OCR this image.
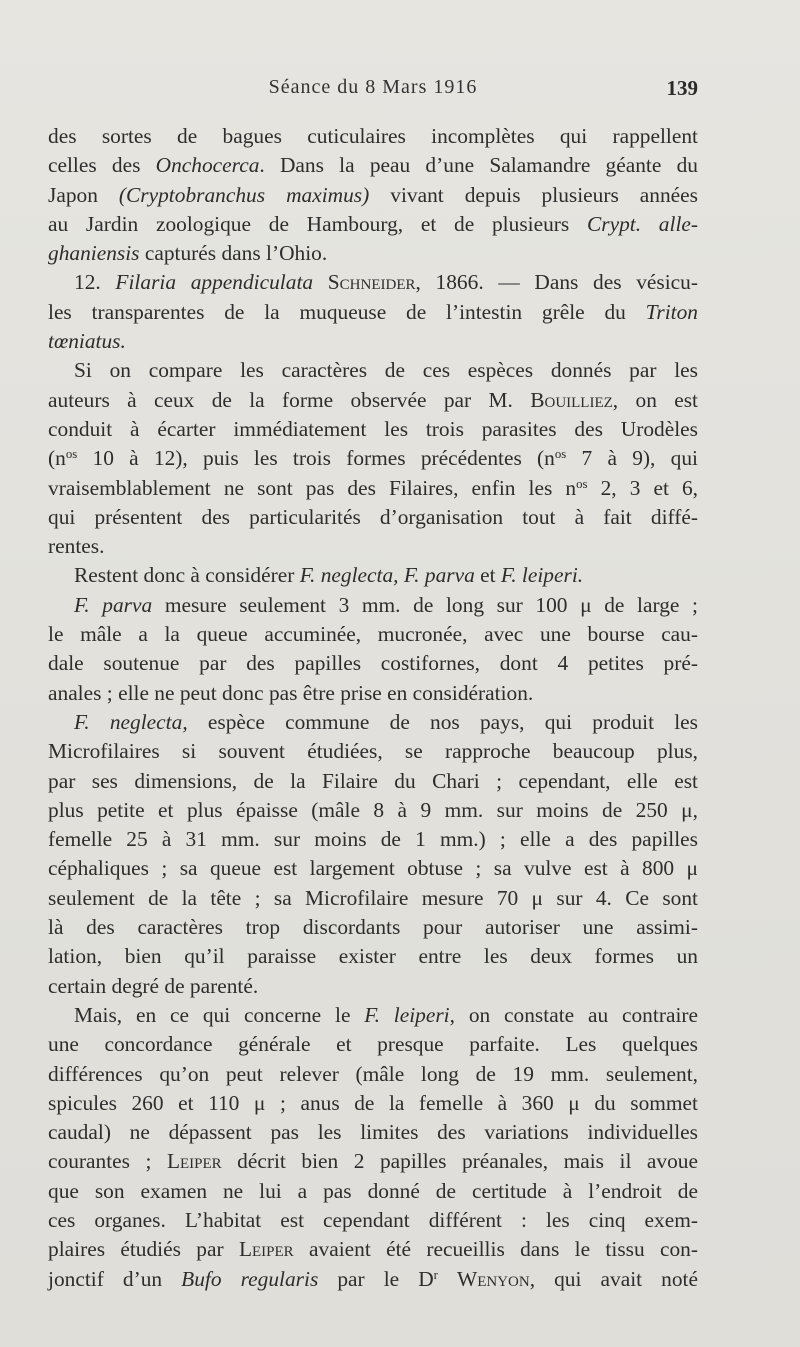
Séance du 8 Mars 1916	139
des sortes de bagues cuticulaires incomplètes qui rappellent
celles des Onchocerca. Dans la peau d’une Salamandre géante du
Japon (Cryptobranchus maximus) vivant depuis plusieurs années
au Jardin zoologique de Hambourg, et de plusieurs Crypt. alle-
ghaniensis capturés dans l’Ohio.
12. Filaria appendiculata Schneider, 1866. — Dans des vésicu-
les transparentes de la muqueuse de l’intestin grêle du Triton
tœniatus.
Si on compare les caractères de ces espèces donnés par les
auteurs à ceux de la forme observée par M. Bouilliez, on est
conduit à écarter immédiatement les trois parasites des Urodèles
($n^{os}$ 10 à 12), puis les trois formes précédentes ($n^{os}$ 7 à 9), qui
vraisemblablement ne sont pas des Filaires, enfin les $n^{os}$ 2, 3 et 6,
qui présentent des particularités d’organisation tout à fait diffé-
rentes.
Restent donc à considérer F. neglecta, F. parva et F. leiperi.
F. parva mesure seulement 3 mm. de long sur 100 μ de large ;
le mâle a la queue accuminée, mucronée, avec une bourse cau-
dale soutenue par des papilles costifornes, dont 4 petites pré-
anales ; elle ne peut donc pas être prise en considération.
F. neglecta, espèce commune de nos pays, qui produit les
Microfilaires si souvent étudiées, se rapproche beaucoup plus,
par ses dimensions, de la Filaire du Chari ; cependant, elle est
plus petite et plus épaisse (mâle 8 à 9 mm. sur moins de 250 μ,
femelle 25 à 31 mm. sur moins de 1 mm.) ; elle a des papilles
céphaliques ; sa queue est largement obtuse ; sa vulve est à 800 μ
seulement de la tête ; sa Microfilaire mesure 70 μ sur 4. Ce sont
là des caractères trop discordants pour autoriser une assimi-
lation, bien qu’il paraisse exister entre les deux formes un
certain degré de parenté.
Mais, en ce qui concerne le F. leiperi, on constate au contraire
une concordance générale et presque parfaite. Les quelques
différences qu’on peut relever (mâle long de 19 mm. seulement,
spicules 260 et 110 μ ; anus de la femelle à 360 μ du sommet
caudal) ne dépassent pas les limites des variations individuelles
courantes ; Leiper décrit bien 2 papilles préanales, mais il avoue
que son examen ne lui a pas donné de certitude à l’endroit de
ces organes. L’habitat est cependant différent : les cinq exem-
plaires étudiés par Leiper avaient été recueillis dans le tissu con-
jonctif d’un Bufo regularis par le $D^r$ Wenyon, qui avait noté
